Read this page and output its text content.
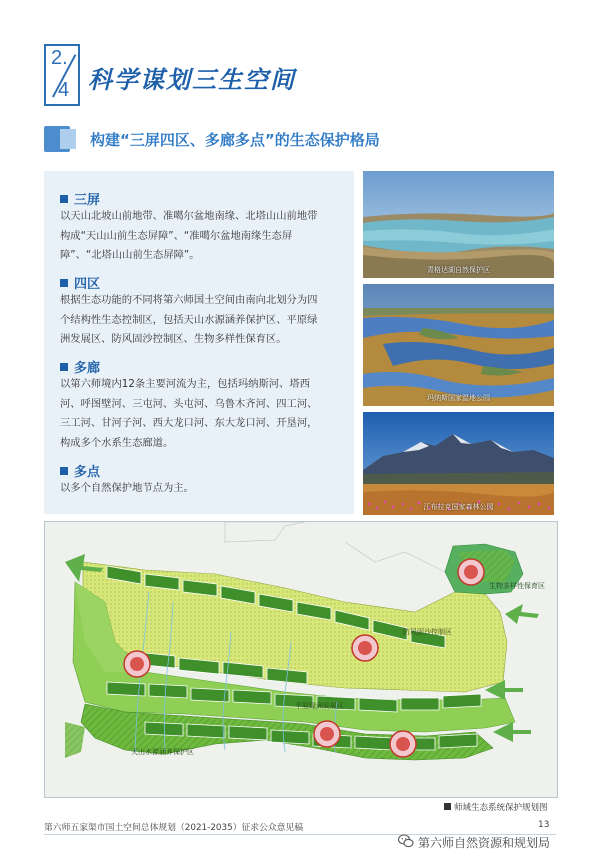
2.
4 科学谋划三生空间
构建“三屏四区、多廊多点”的生态保护格局
三屏
以天山北坡山前地带、准噶尔盆地南缘、北塔山山前地带
构成“天山山前生态屏障”、“准噶尔盆地南缘生态屏
障”、“北塔山山前生态屏障”。
四区
根据生态功能的不同将第六师国土空间由南向北划分为四
个结构性生态控制区，包括天山水源涵养保护区、平原绿
洲发展区、防风固沙控制区、生物多样性保育区。
多廊
以第六师境内12条主要河流为主，包括玛纳斯河、塔西
河、呼图壁河、三屯河、头屯河、乌鲁木齐河、四工河、
三工河、甘河子河、西大龙口河、东大龙口河、开垦河，
构成多个水系生态廊道。
多点
以多个自然保护地节点为主。
青格达湖自然保护区
玛纳斯国家湿地公园
江布拉克国家森林公园
生物多样性保育区
防风固沙控制区
平原绿洲发展区
天山水源涵养保护区
师域生态系统保护规划图
第六师五家渠市国土空间总体规划（2021-2035）征求公众意见稿	13
第六师自然资源和规划局
